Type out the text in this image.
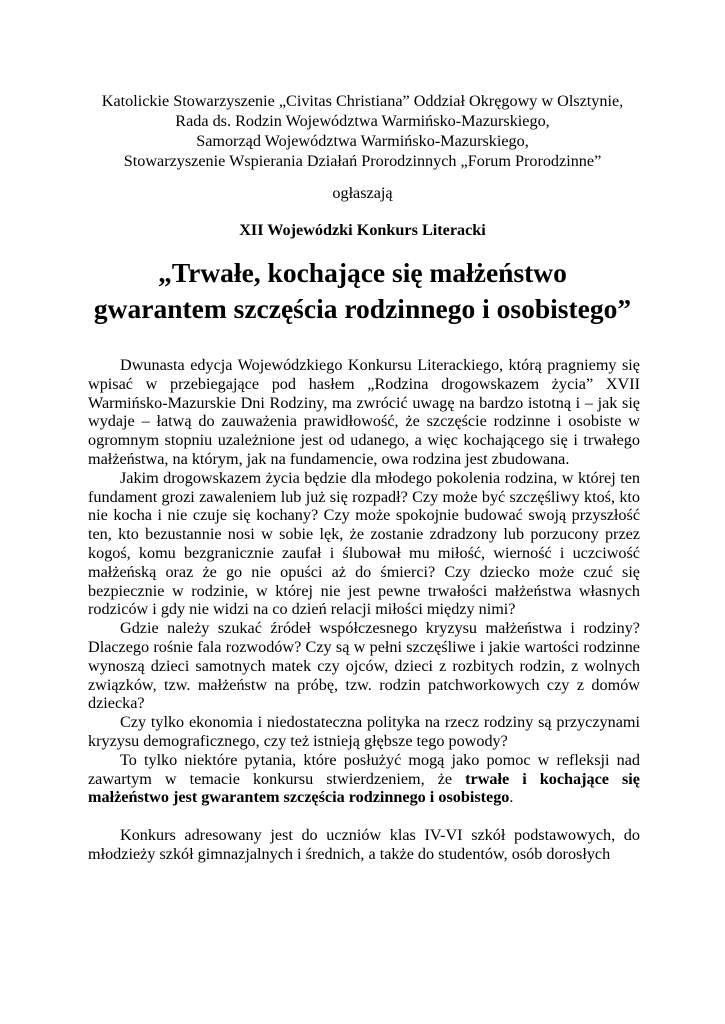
Katolickie Stowarzyszenie „Civitas Christiana” Oddział Okręgowy w Olsztynie,
Rada ds. Rodzin Województwa Warmińsko-Mazurskiego,
Samorząd Województwa Warmińsko-Mazurskiego,
Stowarzyszenie Wspierania Działań Prorodzinnych „Forum Prorodzinne”
ogłaszają
XII Wojewódzki Konkurs Literacki
„Trwałe, kochające się małżeństwo
gwarantem szczęścia rodzinnego i osobistego”

Dwunasta edycja Wojewódzkiego Konkursu Literackiego, którą pragniemy się wpisać w przebiegające pod hasłem „Rodzina drogowskazem życia” XVII Warmińsko-Mazurskie Dni Rodziny, ma zwrócić uwagę na bardzo istotną i – jak się wydaje – łatwą do zauważenia prawidłowość, że szczęście rodzinne i osobiste w ogromnym stopniu uzależnione jest od udanego, a więc kochającego się i trwałego małżeństwa, na którym, jak na fundamencie, owa rodzina jest zbudowana.

Jakim drogowskazem życia będzie dla młodego pokolenia rodzina, w której ten fundament grozi zawaleniem lub już się rozpadł? Czy może być szczęśliwy ktoś, kto nie kocha i nie czuje się kochany? Czy może spokojnie budować swoją przyszłość ten, kto bezustannie nosi w sobie lęk, że zostanie zdradzony lub porzucony przez kogoś, komu bezgranicznie zaufał i ślubował mu miłość, wierność i uczciwość małżeńską oraz że go nie opuści aż do śmierci? Czy dziecko może czuć się bezpiecznie w rodzinie, w której nie jest pewne trwałości małżeństwa własnych rodziców i gdy nie widzi na co dzień relacji miłości między nimi?

Gdzie należy szukać źródeł współczesnego kryzysu małżeństwa i rodziny? Dlaczego rośnie fala rozwodów? Czy są w pełni szczęśliwe i jakie wartości rodzinne wynoszą dzieci samotnych matek czy ojców, dzieci z rozbitych rodzin, z wolnych związków, tzw. małżeństw na próbę, tzw. rodzin patchworkowych czy z domów dziecka?

Czy tylko ekonomia i niedostateczna polityka na rzecz rodziny są przyczynami kryzysu demograficznego, czy też istnieją głębsze tego powody?

To tylko niektóre pytania, które posłużyć mogą jako pomoc w refleksji nad zawartym w temacie konkursu stwierdzeniem, że trwałe i kochające się małżeństwo jest gwarantem szczęścia rodzinnego i osobistego.

Konkurs adresowany jest do uczniów klas IV-VI szkół podstawowych, do młodzieży szkół gimnazjalnych i średnich, a także do studentów, osób dorosłych
